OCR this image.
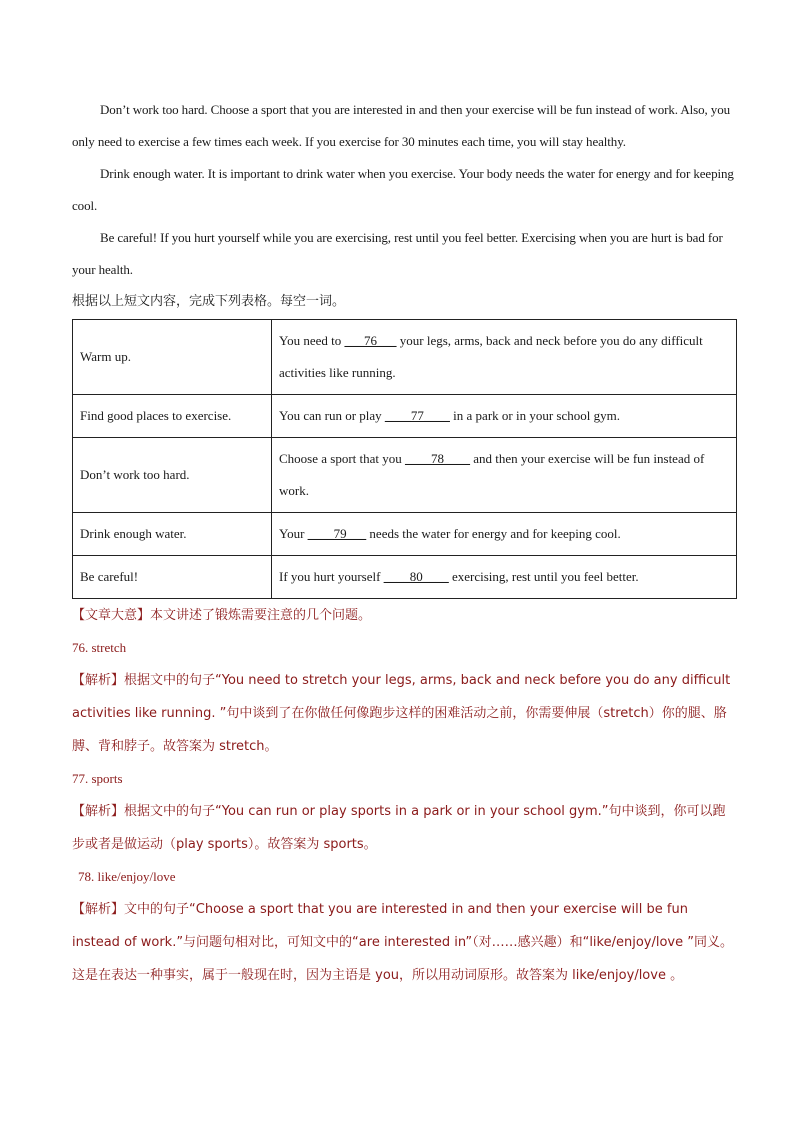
Don’t work too hard. Choose a sport that you are interested in and then your exercise will be fun instead of work. Also, you only need to exercise a few times each week. If you exercise for 30 minutes each time, you will stay healthy.

Drink enough water. It is important to drink water when you exercise. Your body needs the water for energy and for keeping cool.

Be careful! If you hurt yourself while you are exercising, rest until you feel better. Exercising when you are hurt is bad for your health.

根据以上短文内容，完成下列表格。每空一词。

Warm up.	You need to ___76___ your legs, arms, back and neck before you do any difficult activities like running.
Find good places to exercise.	You can run or play ____77____ in a park or in your school gym.
Don’t work too hard.	Choose a sport that you ____78____ and then your exercise will be fun instead of work.
Drink enough water.	Your ____79___ needs the water for energy and for keeping cool.
Be careful!	If you hurt yourself ____80____ exercising, rest until you feel better.

【文章大意】本文讲述了锻炼需要注意的几个问题。

76. stretch

【解析】根据文中的句子“You need to stretch your legs, arms, back and neck before you do any difficult activities like running. ”句中谈到了在你做任何像跑步这样的困难活动之前，你需要伸展（stretch）你的腿、胳膊、背和脖子。故答案为 stretch。

77. sports

【解析】根据文中的句子“You can run or play sports in a park or in your school gym.”句中谈到，你可以跑步或者是做运动（play sports）。故答案为 sports。

78. like/enjoy/love

【解析】文中的句子“Choose a sport that you are interested in and then your exercise will be fun instead of work.”与问题句相对比，可知文中的“are interested in”（对……感兴趣）和“like/enjoy/love ”同义。这是在表达一种事实，属于一般现在时，因为主语是 you，所以用动词原形。故答案为 like/enjoy/love 。
